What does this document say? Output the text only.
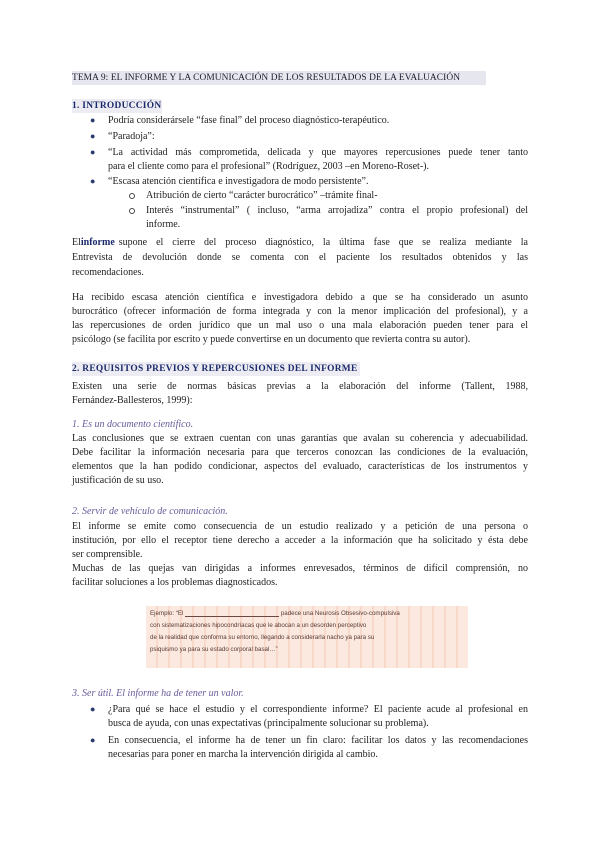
TEMA 9: EL INFORME Y LA COMUNICACIÓN DE LOS RESULTADOS DE LA EVALUACIÓN
1. INTRODUCCIÓN
● Podría considerársele “fase final” del proceso diagnóstico-terapéutico.
● “Paradoja”:
● “La actividad más comprometida, delicada y que mayores repercusiones puede tener tanto
para el cliente como para el profesional” (Rodríguez, 2003 –en Moreno-Roset-).
● “Escasa atención científica e investigadora de modo persistente”.
Atribución de cierto “carácter burocrático” –trámite final-
Interés “instrumental” ( incluso, “arma arrojadiza” contra el propio profesional) del
informe.
El informe supone el cierre del proceso diagnóstico, la última fase que se realiza mediante la
Entrevista de devolución donde se comenta con el paciente los resultados obtenidos y las
recomendaciones.
Ha recibido escasa atención científica e investigadora debido a que se ha considerado un asunto
burocrático (ofrecer información de forma integrada y con la menor implicación del profesional), y a
las repercusiones de orden jurídico que un mal uso o una mala elaboración pueden tener para el
psicólogo (se facilita por escrito y puede convertirse en un documento que revierta contra su autor).
2. REQUISITOS PREVIOS Y REPERCUSIONES DEL INFORME
Existen una serie de normas básicas previas a la elaboración del informe (Tallent, 1988,
Fernández-Ballesteros, 1999):
1. Es un documento científico.
Las conclusiones que se extraen cuentan con unas garantías que avalan su coherencia y adecuabilidad.
Debe facilitar la información necesaria para que terceros conozcan las condiciones de la evaluación,
elementos que la han podido condicionar, aspectos del evaluado, características de los instrumentos y
justificación de su uso.
2. Servir de vehículo de comunicación.
El informe se emite como consecuencia de un estudio realizado y a petición de una persona o
institución, por ello el receptor tiene derecho a acceder a la información que ha solicitado y ésta debe
ser comprensible.
Muchas de las quejas van dirigidas a informes enrevesados, términos de difícil comprensión, no
facilitar soluciones a los problemas diagnosticados.
Ejemplo: “El	padece una Neurosis Obsesivo-compulsiva
con sistematizaciones hipocondríacas que le abocan a un desorden perceptivo
de la realidad que conforma su entorno, llegando a considerarla nacho ya para su
psiquismo ya para su estado corporal basal…”
3. Ser útil. El informe ha de tener un valor.
● ¿Para qué se hace el estudio y el correspondiente informe? El paciente acude al profesional en
busca de ayuda, con unas expectativas (principalmente solucionar su problema).
● En consecuencia, el informe ha de tener un fin claro: facilitar los datos y las recomendaciones
necesarias para poner en marcha la intervención dirigida al cambio.
